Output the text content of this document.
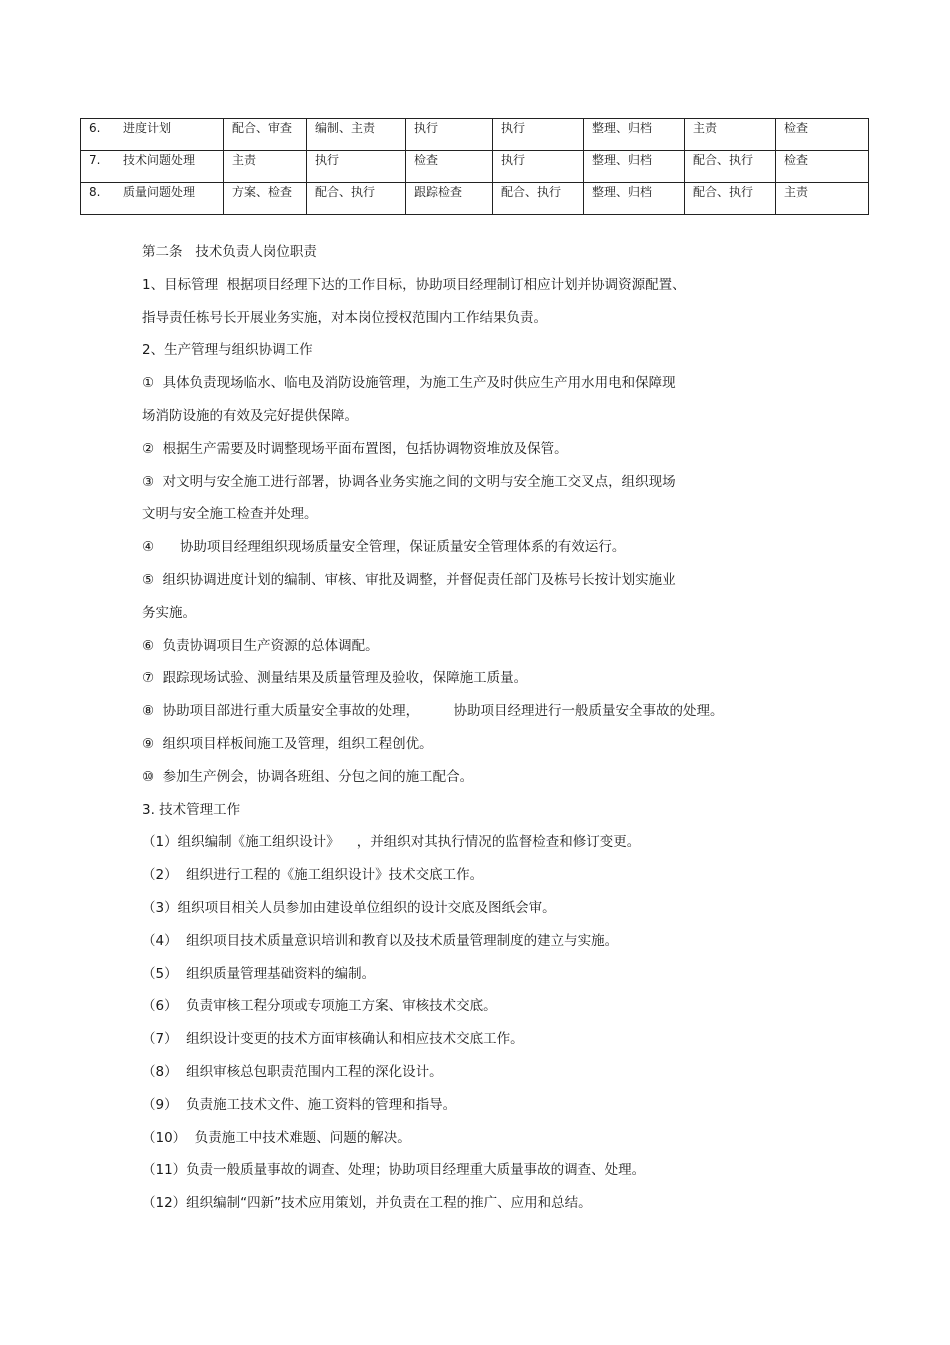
6. 进度计划	配合、审查	编制、主责	执行	执行	整理、归档	主责	检查
7. 技术问题处理	主责	执行	检查	执行	整理、归档	配合、执行	检查
8. 质量问题处理	方案、检查	配合、执行	跟踪检查	配合、执行	整理、归档	配合、执行	主责

第二条   技术负责人岗位职责

1、目标管理  根据项目经理下达的工作目标，协助项目经理制订相应计划并协调资源配置、

指导责任栋号长开展业务实施，对本岗位授权范围内工作结果负责。

2、生产管理与组织协调工作

①  具体负责现场临水、临电及消防设施管理，为施工生产及时供应生产用水用电和保障现

场消防设施的有效及完好提供保障。

②  根据生产需要及时调整现场平面布置图，包括协调物资堆放及保管。

③  对文明与安全施工进行部署，协调各业务实施之间的文明与安全施工交叉点，组织现场

文明与安全施工检查并处理。

④      协助项目经理组织现场质量安全管理，保证质量安全管理体系的有效运行。

⑤  组织协调进度计划的编制、审核、审批及调整，并督促责任部门及栋号长按计划实施业

务实施。

⑥  负责协调项目生产资源的总体调配。

⑦  跟踪现场试验、测量结果及质量管理及验收，保障施工质量。

⑧  协助项目部进行重大质量安全事故的处理，        协助项目经理进行一般质量安全事故的处理。

⑨  组织项目样板间施工及管理，组织工程创优。

⑩  参加生产例会，协调各班组、分包之间的施工配合。

3. 技术管理工作

（1）组织编制《施工组织设计》    ，并组织对其执行情况的监督检查和修订变更。

（2）  组织进行工程的《施工组织设计》技术交底工作。

（3）组织项目相关人员参加由建设单位组织的设计交底及图纸会审。

（4）  组织项目技术质量意识培训和教育以及技术质量管理制度的建立与实施。

（5）  组织质量管理基础资料的编制。

（6）  负责审核工程分项或专项施工方案、审核技术交底。

（7）  组织设计变更的技术方面审核确认和相应技术交底工作。

（8）  组织审核总包职责范围内工程的深化设计。

（9）  负责施工技术文件、施工资料的管理和指导。

（10）  负责施工中技术难题、问题的解决。

（11）负责一般质量事故的调查、处理；协助项目经理重大质量事故的调查、处理。

（12）组织编制“四新”技术应用策划，并负责在工程的推广、应用和总结。
